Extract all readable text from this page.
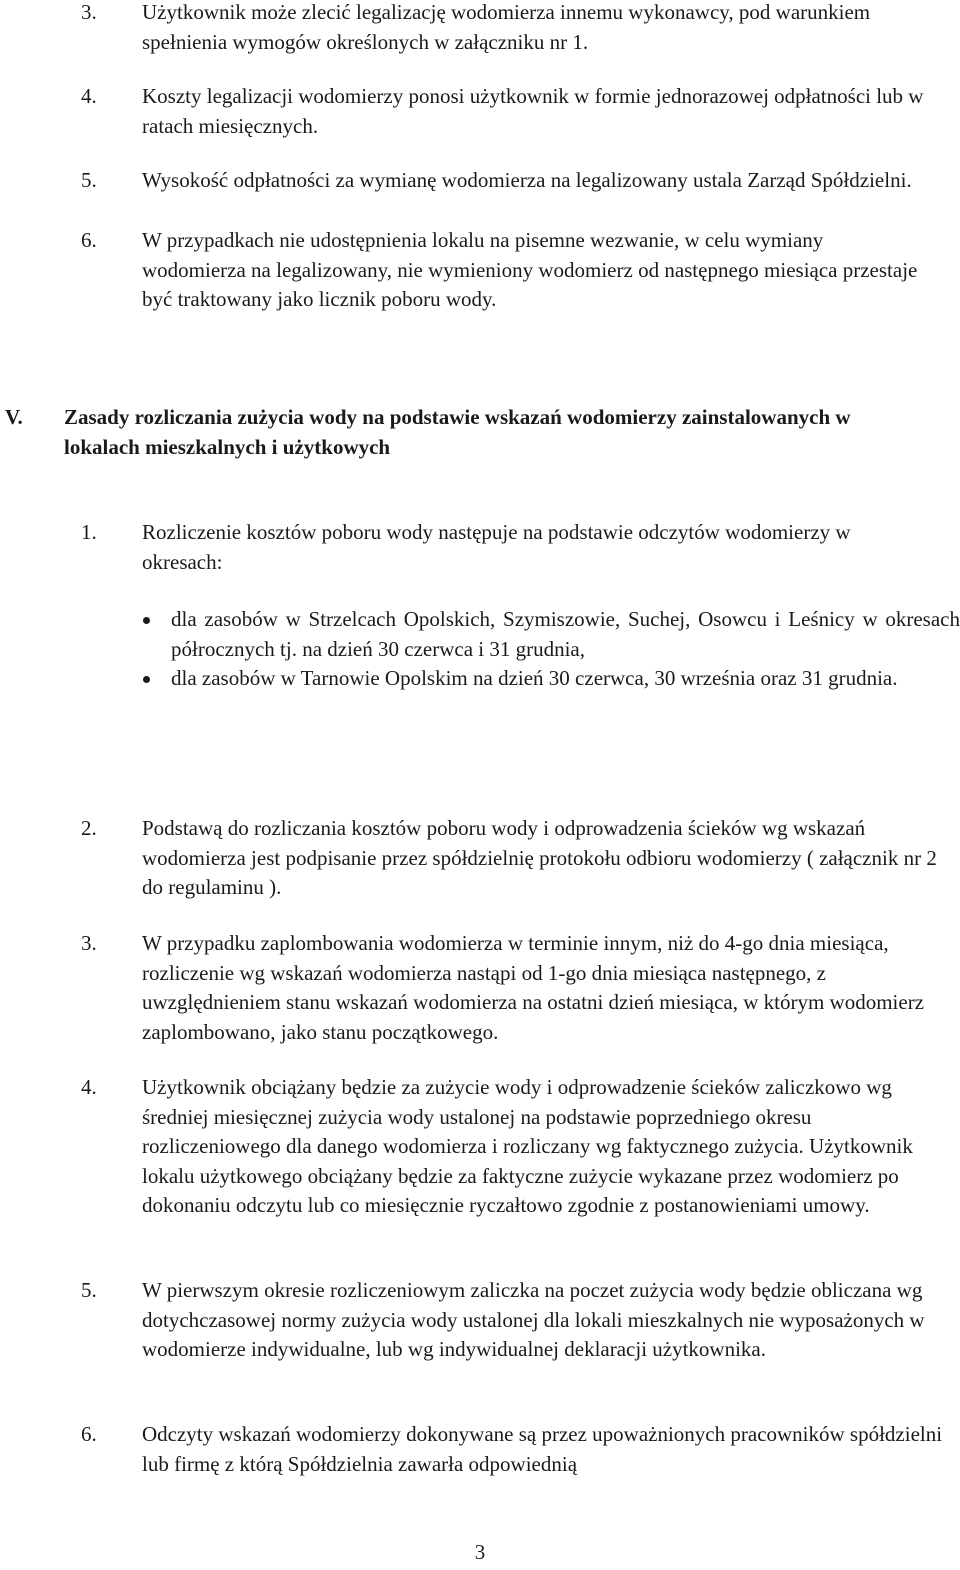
3. Użytkownik może zlecić legalizację wodomierza innemu wykonawcy, pod warunkiem spełnienia wymogów określonych w załączniku nr 1.
4. Koszty legalizacji wodomierzy ponosi użytkownik w formie jednorazowej odpłatności lub w ratach miesięcznych.
5. Wysokość odpłatności za wymianę wodomierza na legalizowany ustala Zarząd Spółdzielni.
6. W przypadkach nie udostępnienia lokalu na pisemne wezwanie, w celu wymiany wodomierza na legalizowany, nie wymieniony wodomierz od następnego miesiąca przestaje być traktowany jako licznik poboru wody.
V. Zasady rozliczania zużycia wody na podstawie wskazań wodomierzy zainstalowanych w lokalach mieszkalnych i użytkowych
1. Rozliczenie kosztów poboru wody następuje na podstawie odczytów wodomierzy w okresach:
dla zasobów w Strzelcach Opolskich, Szymiszowie, Suchej, Osowcu i Leśnicy w okresach półrocznych tj. na dzień 30 czerwca i 31 grudnia,
dla zasobów w Tarnowie Opolskim na dzień 30 czerwca, 30 września oraz 31 grudnia.
2. Podstawą do rozliczania kosztów poboru wody i odprowadzenia ścieków wg wskazań wodomierza jest podpisanie przez spółdzielnię protokołu odbioru wodomierzy ( załącznik nr 2 do regulaminu ).
3. W przypadku zaplombowania wodomierza w terminie innym, niż do 4-go dnia miesiąca, rozliczenie wg wskazań wodomierza nastąpi od 1-go dnia miesiąca następnego, z uwzględnieniem stanu wskazań wodomierza na ostatni dzień miesiąca, w którym wodomierz zaplombowano, jako stanu początkowego.
4. Użytkownik obciążany będzie za zużycie wody i odprowadzenie ścieków zaliczkowo wg średniej miesięcznej zużycia wody ustalonej na podstawie poprzedniego okresu rozliczeniowego dla danego wodomierza i rozliczany wg faktycznego zużycia. Użytkownik lokalu użytkowego obciążany będzie za faktyczne zużycie wykazane przez wodomierz po dokonaniu odczytu lub co miesięcznie ryczałtowo zgodnie z postanowieniami umowy.
5. W pierwszym okresie rozliczeniowym zaliczka na poczet zużycia wody będzie obliczana wg dotychczasowej normy zużycia wody ustalonej dla lokali mieszkalnych nie wyposażonych w wodomierze indywidualne, lub wg indywidualnej deklaracji użytkownika.
6. Odczyty wskazań wodomierzy dokonywane są przez upoważnionych pracowników spółdzielni lub firmę z którą Spółdzielnia zawarła odpowiednią
3
